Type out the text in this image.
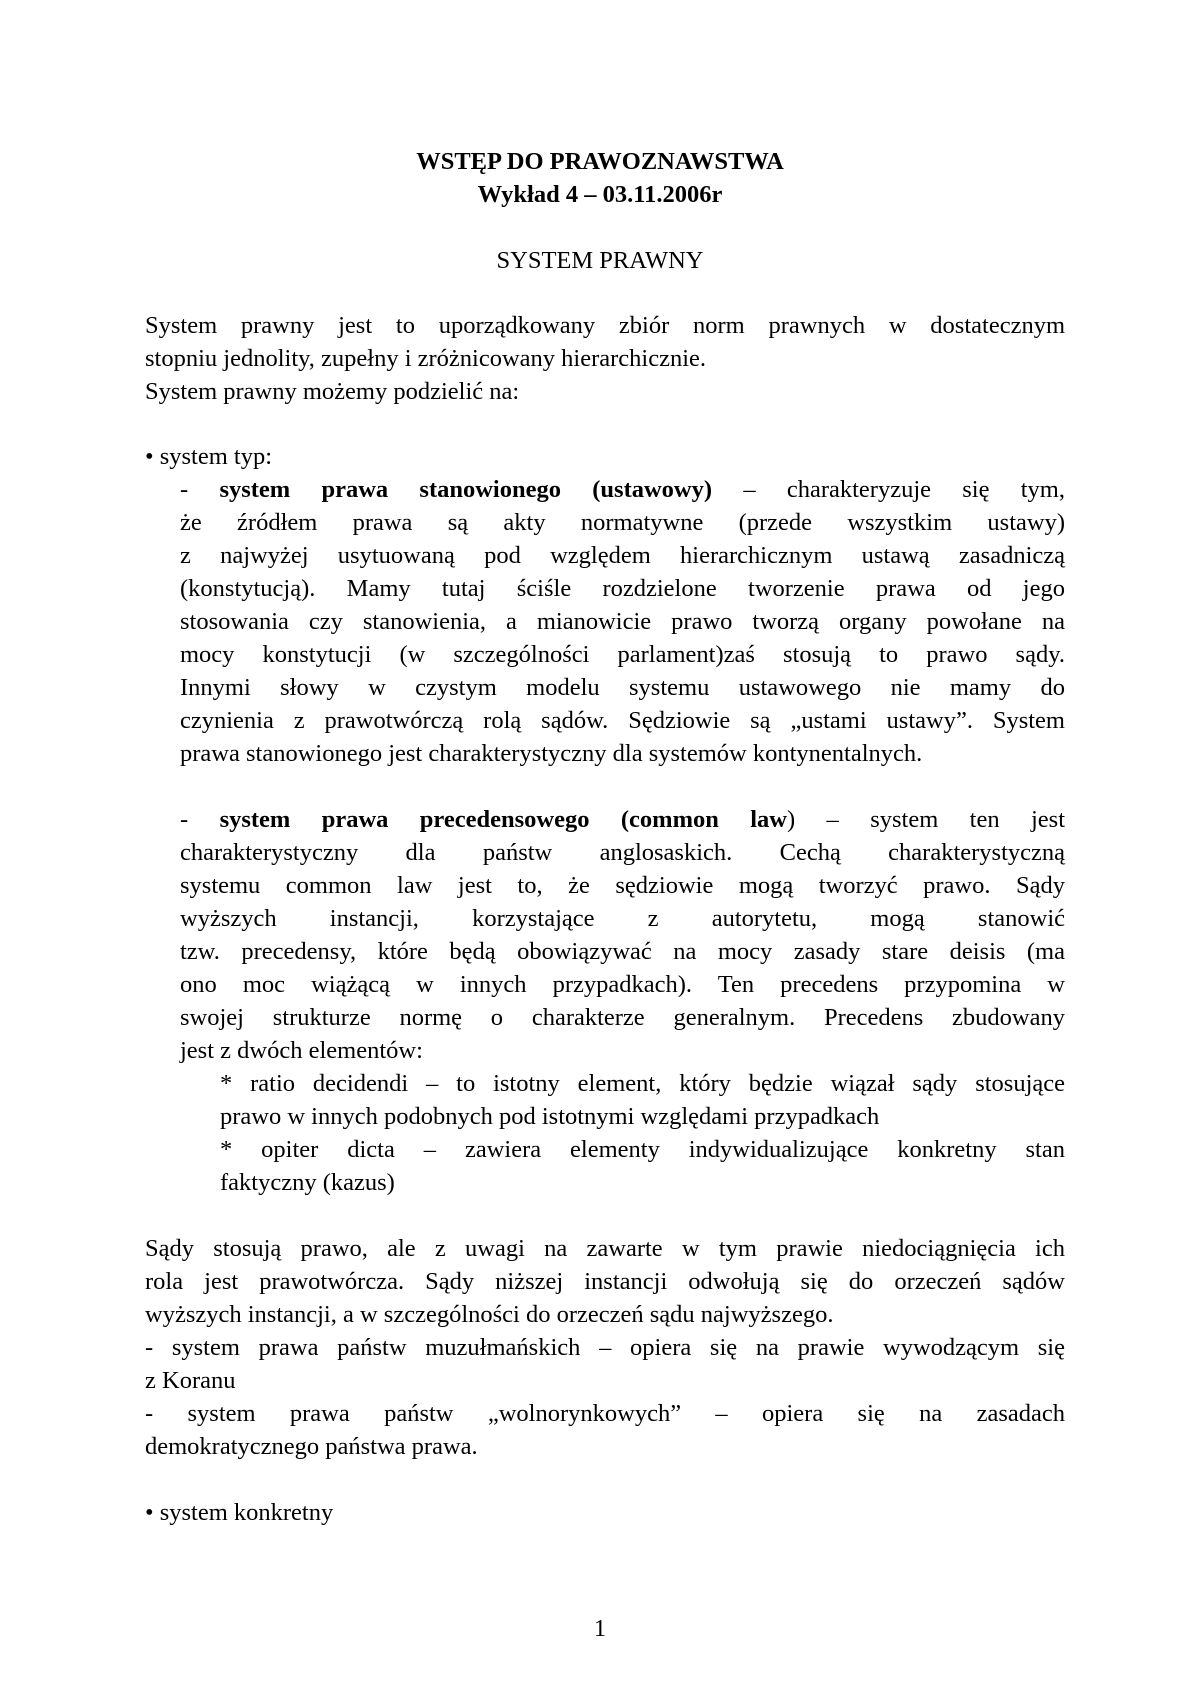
WSTĘP DO PRAWOZNAWSTWA
Wykład 4 – 03.11.2006r
SYSTEM PRAWNY
System prawny jest to uporządkowany zbiór norm prawnych w dostatecznym
stopniu jednolity, zupełny i zróżnicowany hierarchicznie.
System prawny możemy podzielić na:
• system typ:
- system prawa stanowionego (ustawowy) – charakteryzuje się tym,
że źródłem prawa są akty normatywne (przede wszystkim ustawy)
z najwyżej usytuowaną pod względem hierarchicznym ustawą zasadniczą
(konstytucją). Mamy tutaj ściśle rozdzielone tworzenie prawa od jego
stosowania czy stanowienia, a mianowicie prawo tworzą organy powołane na
mocy konstytucji (w szczególności parlament)zaś stosują to prawo sądy.
Innymi słowy w czystym modelu systemu ustawowego nie mamy do
czynienia z prawotwórczą rolą sądów. Sędziowie są „ustami ustawy”. System
prawa stanowionego jest charakterystyczny dla systemów kontynentalnych.
- system prawa precedensowego (common law) – system ten jest
charakterystyczny dla państw anglosaskich. Cechą charakterystyczną
systemu common law jest to, że sędziowie mogą tworzyć prawo. Sądy
wyższych instancji, korzystające z autorytetu, mogą stanowić
tzw. precedensy, które będą obowiązywać na mocy zasady stare deisis (ma
ono moc wiążącą w innych przypadkach). Ten precedens przypomina w
swojej strukturze normę o charakterze generalnym. Precedens zbudowany
jest z dwóch elementów:
* ratio decidendi – to istotny element, który będzie wiązał sądy stosujące
prawo w innych podobnych pod istotnymi względami przypadkach
* opiter dicta – zawiera elementy indywidualizujące konkretny stan
faktyczny (kazus)
Sądy stosują prawo, ale z uwagi na zawarte w tym prawie niedociągnięcia ich
rola jest prawotwórcza. Sądy niższej instancji odwołują się do orzeczeń sądów
wyższych instancji, a w szczególności do orzeczeń sądu najwyższego.
- system prawa państw muzułmańskich – opiera się na prawie wywodzącym się
z Koranu
- system prawa państw „wolnorynkowych” – opiera się na zasadach
demokratycznego państwa prawa.
• system konkretny
1
